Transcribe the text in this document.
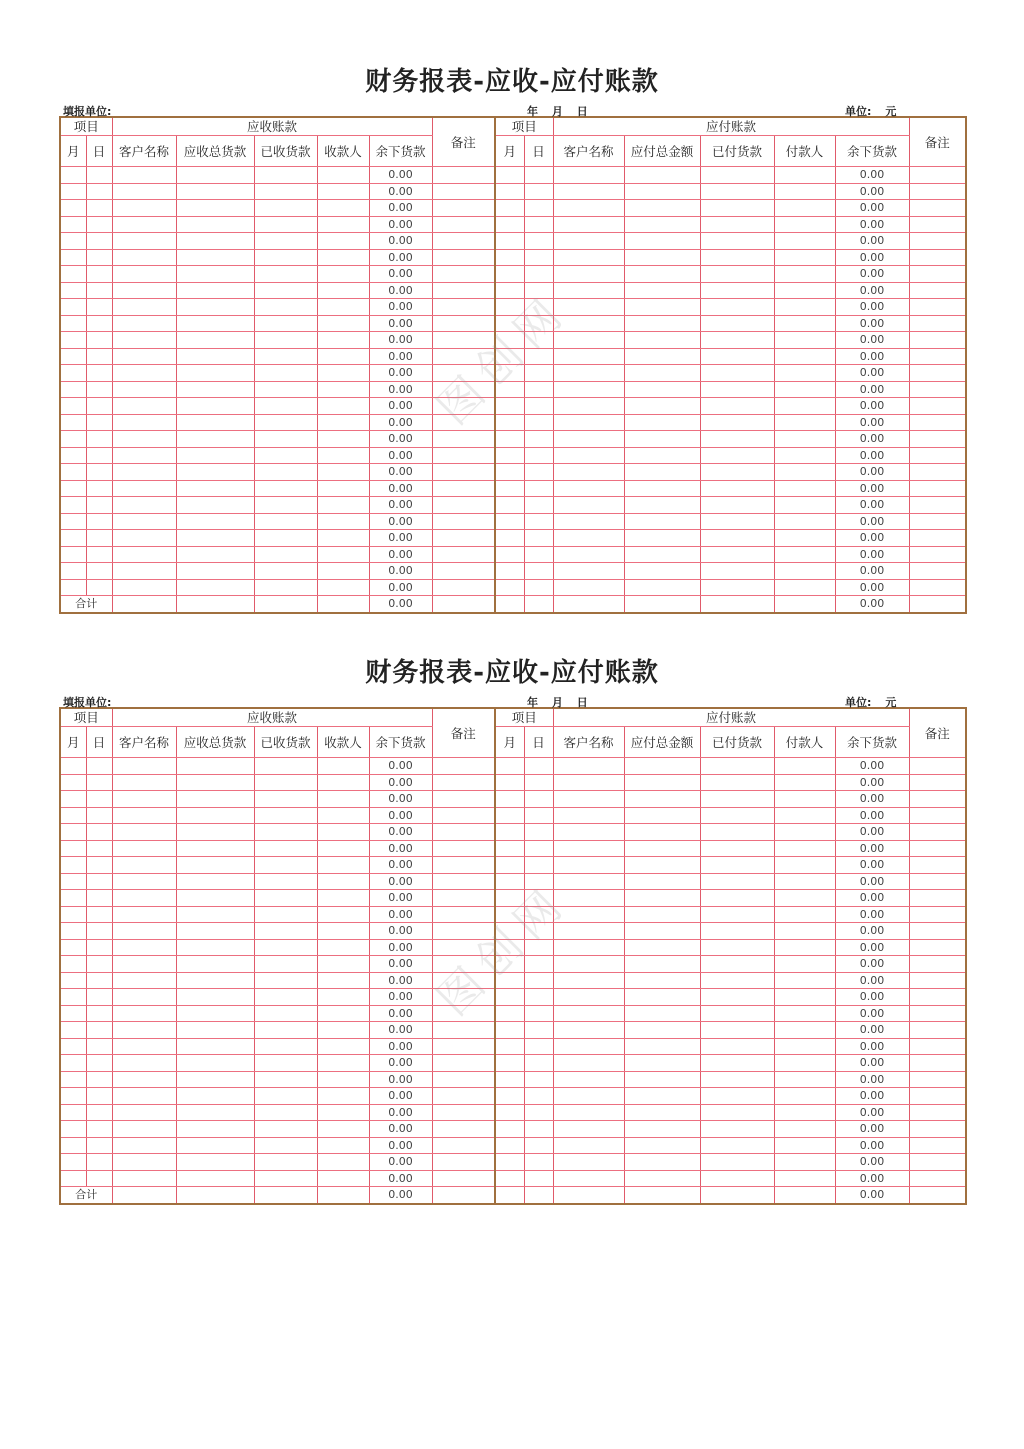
财务报表-应收-应付账款
填报单位:	年 月 日	单位: 元
项目		应收账款					备注	项目		应付账款					备注
月	日	客户名称	应收总货款	已收货款	收款人	余下货款		月	日	客户名称	应付总金额	已付货款	付款人	余下货款	
						0.00								0.00	
						0.00								0.00	
						0.00								0.00	
						0.00								0.00	
						0.00								0.00	
						0.00								0.00	
						0.00								0.00	
						0.00								0.00	
						0.00								0.00	
						0.00								0.00	
						0.00								0.00	
						0.00								0.00	
						0.00								0.00	
						0.00								0.00	
						0.00								0.00	
						0.00								0.00	
						0.00								0.00	
						0.00								0.00	
						0.00								0.00	
						0.00								0.00	
						0.00								0.00	
						0.00								0.00	
						0.00								0.00	
						0.00								0.00	
						0.00								0.00	
						0.00								0.00	
合计						0.00								0.00	
图创网
财务报表-应收-应付账款
填报单位:	年 月 日	单位: 元
项目		应收账款					备注	项目		应付账款					备注
月	日	客户名称	应收总货款	已收货款	收款人	余下货款		月	日	客户名称	应付总金额	已付货款	付款人	余下货款	
						0.00								0.00	
						0.00								0.00	
						0.00								0.00	
						0.00								0.00	
						0.00								0.00	
						0.00								0.00	
						0.00								0.00	
						0.00								0.00	
						0.00								0.00	
						0.00								0.00	
						0.00								0.00	
						0.00								0.00	
						0.00								0.00	
						0.00								0.00	
						0.00								0.00	
						0.00								0.00	
						0.00								0.00	
						0.00								0.00	
						0.00								0.00	
						0.00								0.00	
						0.00								0.00	
						0.00								0.00	
						0.00								0.00	
						0.00								0.00	
						0.00								0.00	
						0.00								0.00	
合计						0.00								0.00	
图创网
